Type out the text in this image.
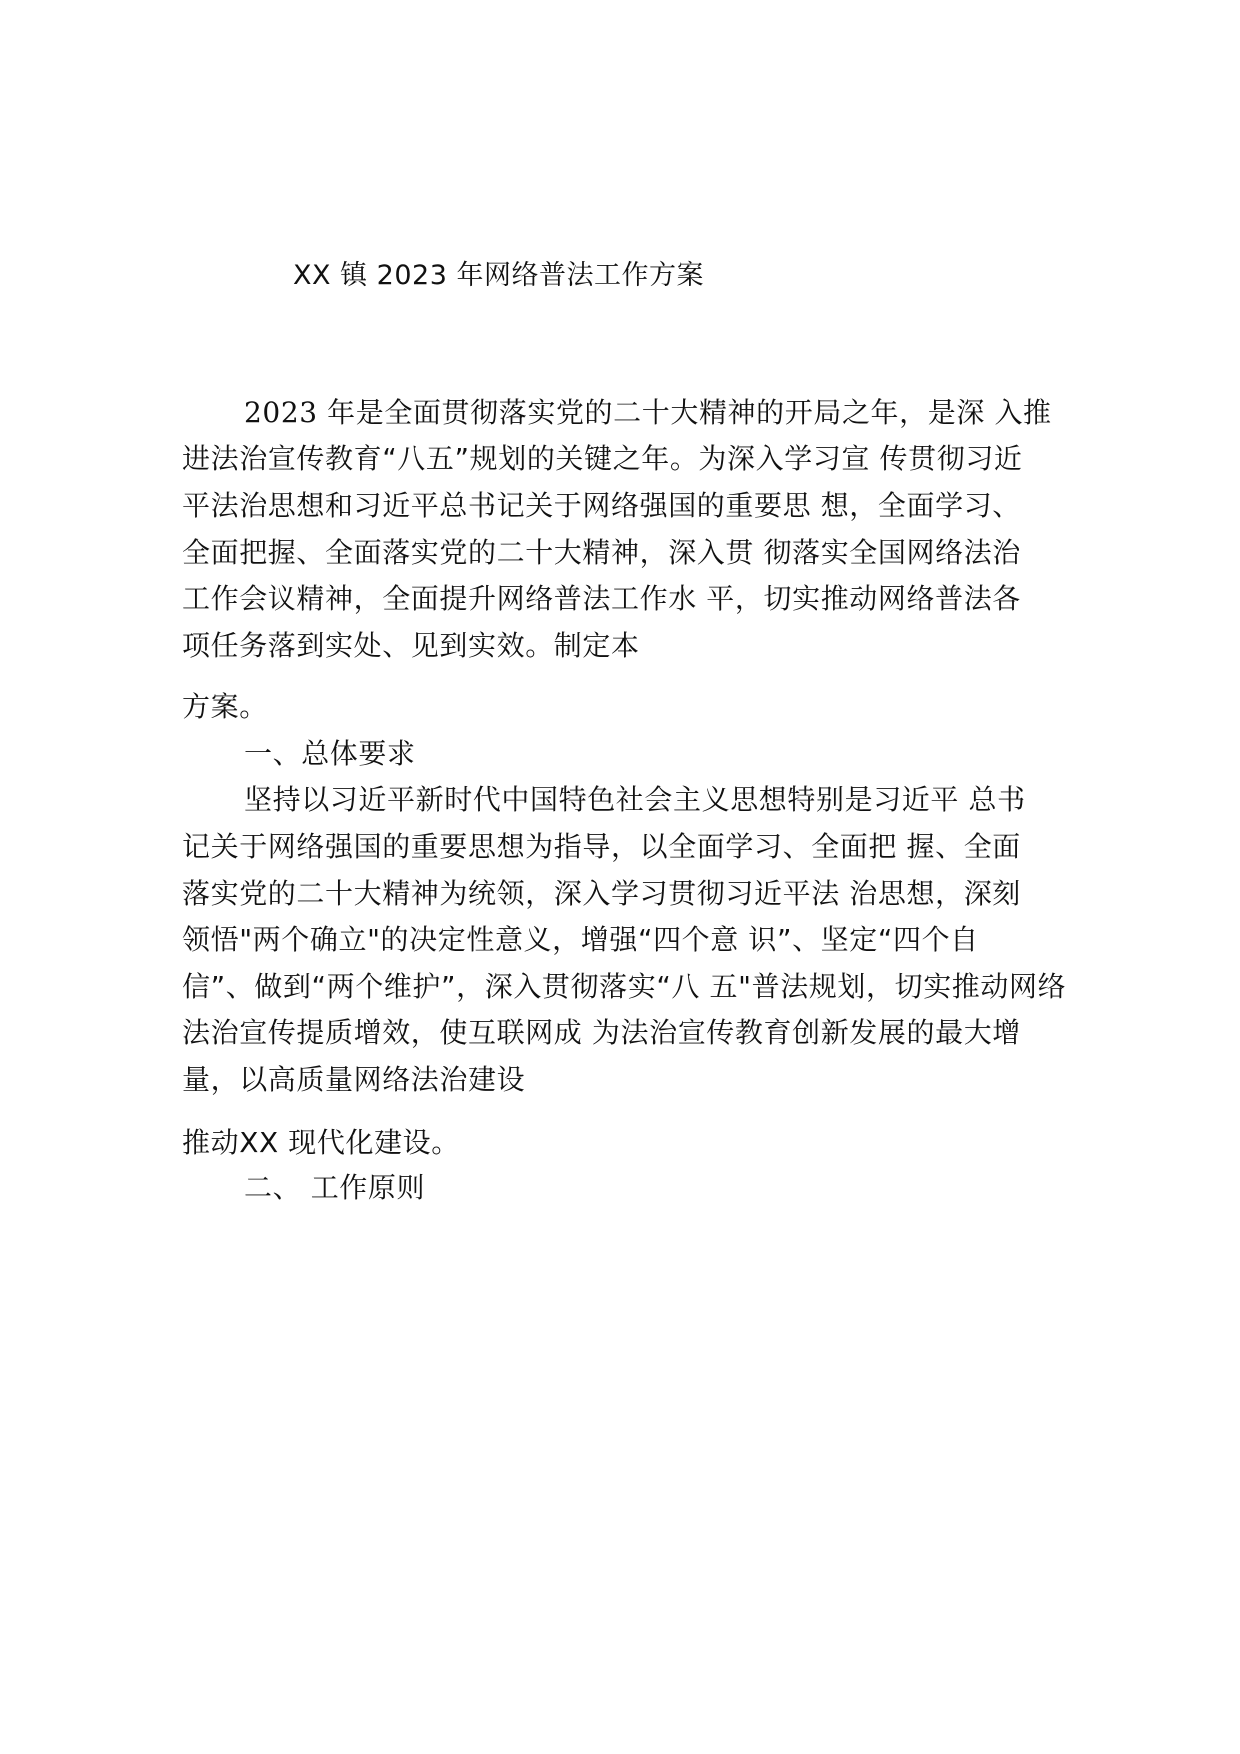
XX 镇 2023 年网络普法工作方案
2023 年是全面贯彻落实党的二十大精神的开局之年，是深 入推
进法治宣传教育“八五”规划的关键之年。为深入学习宣 传贯彻习近
平法治思想和习近平总书记关于网络强国的重要思 想，全面学习、
全面把握、全面落实党的二十大精神，深入贯 彻落实全国网络法治
工作会议精神，全面提升网络普法工作水 平，切实推动网络普法各
项任务落到实处、见到实效。制定本
方案。
一、总体要求
坚持以习近平新时代中国特色社会主义思想特别是习近平 总书
记关于网络强国的重要思想为指导，以全面学习、全面把 握、全面
落实党的二十大精神为统领，深入学习贯彻习近平法 治思想，深刻
领悟"两个确立"的决定性意义，增强“四个意 识”、坚定“四个自
信”、做到“两个维护”，深入贯彻落实“八 五"普法规划，切实推动网络
法治宣传提质增效，使互联网成 为法治宣传教育创新发展的最大增
量，以高质量网络法治建设
推动XX 现代化建设。
二、 工作原则
